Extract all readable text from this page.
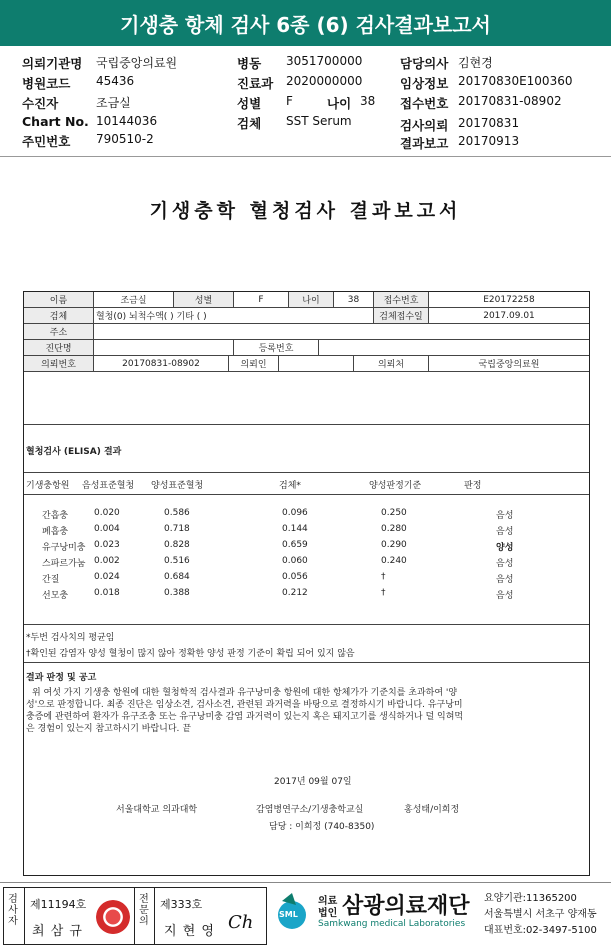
기생충 항체 검사 6종 (6) 검사결과보고서
의뢰기관명 국립중앙의료원
병원코드 45436
수진자	조금실
Chart No. 10144036
주민번호 790510-2
병동 3051700000
진료과 2020000000
성별 F	나이 38
검체 SST Serum
담당의사 김현경
임상정보 20170830E100360
접수번호 20170831-08902
검사의뢰 20170831
결과보고 20170913
기생충학 혈청검사 결과보고서
이름	조금실	성별	F	나이	38	접수번호	E20172258
검체	혈청(0) 뇌척수액( ) 기타 ( )	검체접수일	2017.09.01
주소
진단명	등록번호
의뢰번호	20170831-08902	의뢰인	의뢰처	국립중앙의료원
혈청검사 (ELISA) 결과
기생충항원 음성표준혈청 양성표준혈청	검체*	양성판정기준	판정
간흡충	0.020	0.586	0.096	0.250	음성
폐흡충	0.004	0.718	0.144	0.280	음성
유구낭미충 0.023	0.828	0.659	0.290	양성
스파르가눔 0.002	0.516	0.060	0.240	음성
간질	0.024	0.684	0.056	†	음성
선모충	0.018	0.388	0.212	†	음성
*두번 검사치의 평균임
†확인된 감염자 양성 혈청이 많지 않아 정확한 양성 판정 기준이 확립 되어 있지 않음
결과 판정 및 공고
위 여섯 가지 기생충 항원에 대한 혈청학적 검사결과 유구낭미충 항원에 대한 항체가가 기준치를 초과하여 '양
성'으로 판정합니다. 최종 진단은 임상소견, 검사소견, 관련된 과거력을 바탕으로 결정하시기 바랍니다. 유구낭미
충증에 관련하여 환자가 유구조충 또는 유구낭미충 감염 과거력이 있는지 혹은 돼지고기를 생식하거나 덜 익혀먹
은 경험이 있는지 참고하시기 바랍니다. 끝
2017년 09월 07일
서울대학교 의과대학	감염병연구소/기생충학교실	홍성태/이희정
담당 : 이희정 (740-8350)
검
사
자
제11194호
최 삼 규
전
문
의
제333호
지 현 영 Ch	SML
의료
법인 삼광의료재단
Samkwang medical Laboratories
요양기관:11365200
서울특별시 서초구 양재동
대표번호:02-3497-5100
